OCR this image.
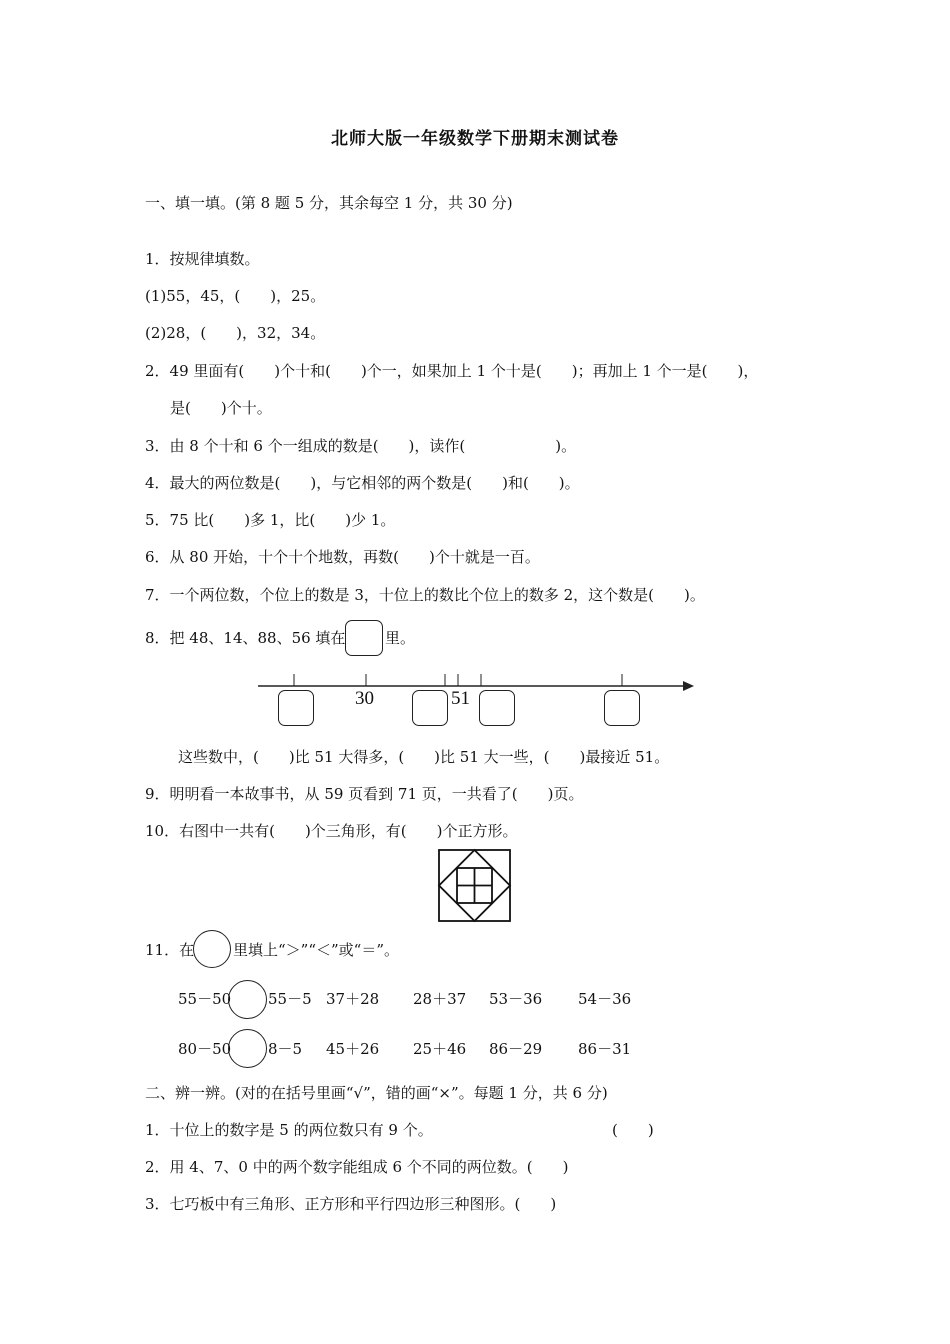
北师大版一年级数学下册期末测试卷
一、填一填。(第 8 题 5 分，其余每空 1 分，共 30 分)
1．按规律填数。
(1)55，45，(　　)，25。
(2)28，(　　)，32，34。
2．49 里面有(　　)个十和(　　)个一，如果加上 1 个十是(　　)；再加上 1 个一是(　　)，
是(　　)个十。
3．由 8 个十和 6 个一组成的数是(　　)，读作(　　　　　　)。
4．最大的两位数是(　　)，与它相邻的两个数是(　　)和(　　)。
5．75 比(　　)多 1，比(　　)少 1。
6．从 80 开始，十个十个地数，再数(　　)个十就是一百。
7．一个两位数，个位上的数是 3，十位上的数比个位上的数多 2，这个数是(　　)。
8．把 48、14、88、56 填在	里。
30	51
这些数中，(　　)比 51 大得多，(　　)比 51 大一些，(　　)最接近 51。
9．明明看一本故事书，从 59 页看到 71 页，一共看了(　　)页。
10．右图中一共有(　　)个三角形，有(　　)个正方形。
11．在	里填上“＞”“＜”或“＝”。
55－50 55－5 37＋28 28＋37 53－36 54－36
80－50 8－5 45＋26 25＋46 86－29 86－31
二、辨一辨。(对的在括号里画“√”，错的画“×”。每题 1 分，共 6 分)
1．十位上的数字是 5 的两位数只有 9 个。	(　　)
2．用 4、7、0 中的两个数字能组成 6 个不同的两位数。(　　)
3．七巧板中有三角形、正方形和平行四边形三种图形。(　　)
